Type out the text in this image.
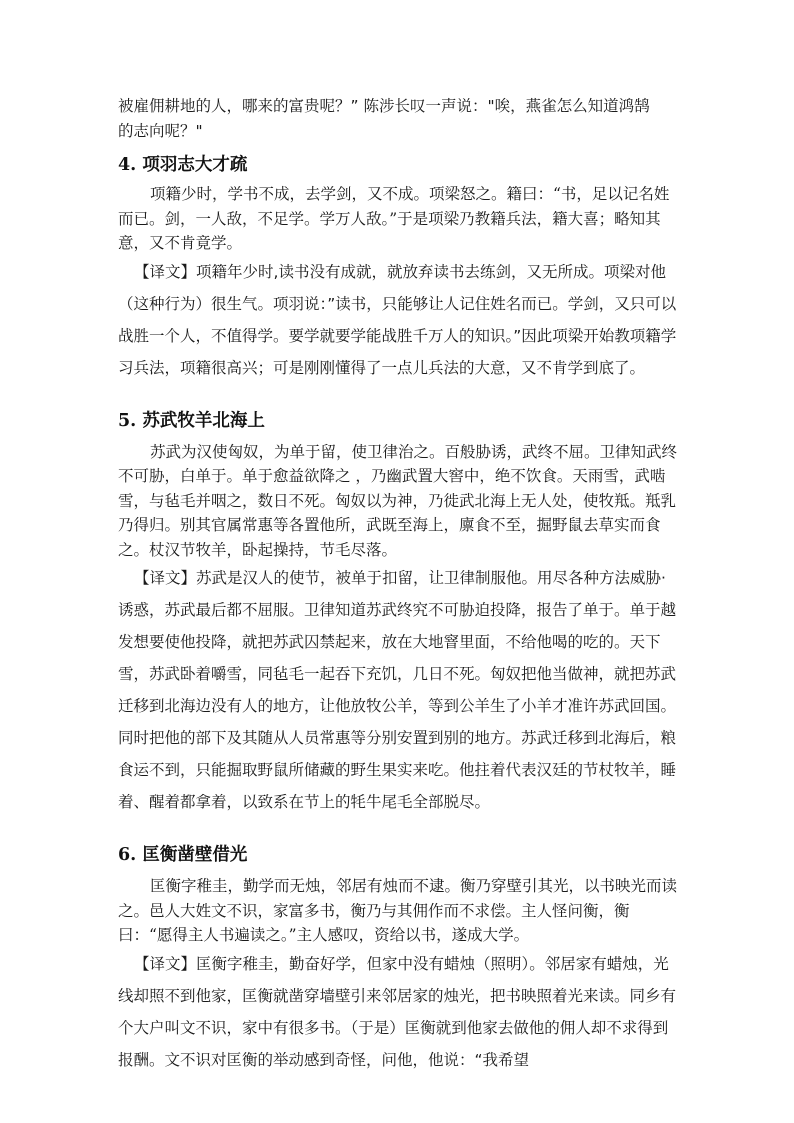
被雇佣耕地的人，哪来的富贵呢？” 陈涉长叹一声说："唉，燕雀怎么知道鸿鹄
的志向呢？"
4. 项羽志大才疏

项籍少时，学书不成，去学剑，又不成。项梁怒之。籍曰：“书，足以记名姓而已。剑，一人敌，不足学。学万人敌。”于是项梁乃教籍兵法，籍大喜；略知其意，又不肯竟学。

【译文】项籍年少时,读书没有成就，就放弃读书去练剑，又无所成。项梁对他（这种行为）很生气。项羽说：”读书，只能够让人记住姓名而已。学剑，又只可以战胜一个人，不值得学。要学就要学能战胜千万人的知识。”因此项梁开始教项籍学习兵法，项籍很高兴；可是刚刚懂得了一点儿兵法的大意，又不肯学到底了。

5. 苏武牧羊北海上

苏武为汉使匈奴，为单于留，使卫律治之。百般胁诱，武终不屈。卫律知武终不可胁，白单于。单于愈益欲降之 ，乃幽武置大窖中，绝不饮食。天雨雪，武啮雪，与毡毛并咽之，数日不死。匈奴以为神，乃徙武北海上无人处，使牧羝。羝乳乃得归。别其官属常惠等各置他所，武既至海上，廪食不至，掘野鼠去草实而食之。杖汉节牧羊，卧起操持，节毛尽落。

【译文】苏武是汉人的使节，被单于扣留，让卫律制服他。用尽各种方法威胁·诱惑，苏武最后都不屈服。卫律知道苏武终究不可胁迫投降，报告了单于。单于越发想要使他投降，就把苏武囚禁起来，放在大地窨里面，不给他喝的吃的。天下雪，苏武卧着嚼雪，同毡毛一起吞下充饥，几日不死。匈奴把他当做神，就把苏武迁移到北海边没有人的地方，让他放牧公羊，等到公羊生了小羊才准许苏武回国。同时把他的部下及其随从人员常惠等分别安置到别的地方。苏武迁移到北海后，粮食运不到，只能掘取野鼠所储藏的野生果实来吃。他拄着代表汉廷的节杖牧羊，睡着、醒着都拿着，以致系在节上的牦牛尾毛全部脱尽。

6. 匡衡凿壁借光

匡衡字稚圭，勤学而无烛，邻居有烛而不逮。衡乃穿壁引其光，以书映光而读之。邑人大姓文不识，家富多书，衡乃与其佣作而不求偿。主人怪问衡，衡曰：“愿得主人书遍读之。”主人感叹，资给以书，遂成大学。

【译文】匡衡字稚圭，勤奋好学，但家中没有蜡烛（照明）。邻居家有蜡烛，光线却照不到他家，匡衡就凿穿墙壁引来邻居家的烛光，把书映照着光来读。同乡有个大户叫文不识，家中有很多书。（于是）匡衡就到他家去做他的佣人却不求得到报酬。文不识对匡衡的举动感到奇怪，问他，他说：“我希望
